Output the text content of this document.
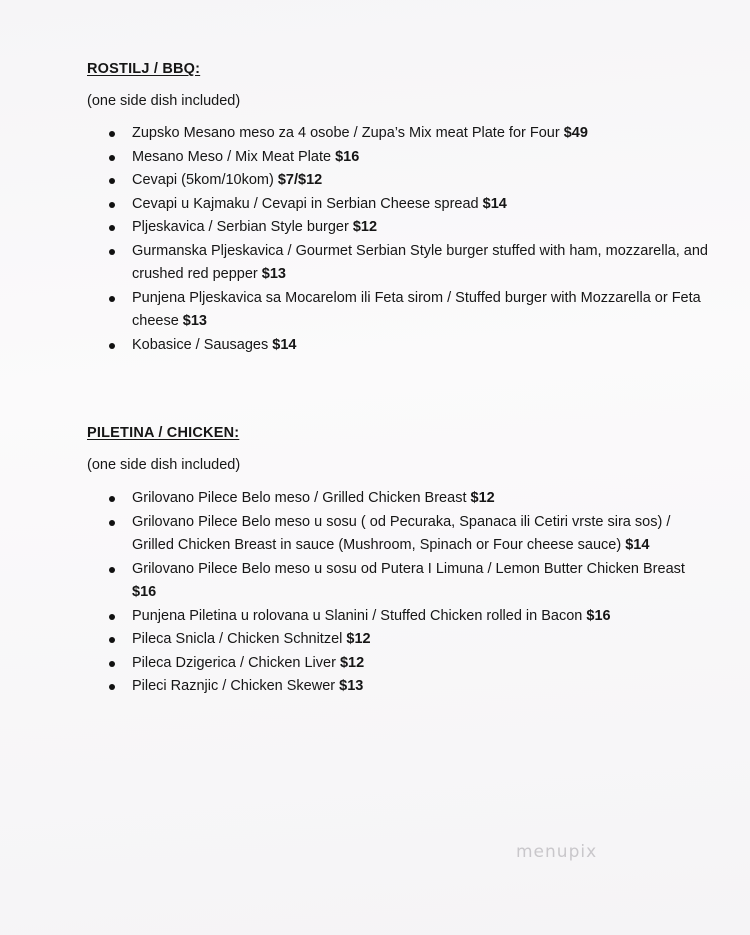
ROSTILJ / BBQ:
(one side dish included)
Zupsko Mesano meso za 4 osobe / Zupa’s Mix meat Plate for Four $49
Mesano Meso / Mix Meat Plate $16
Cevapi (5kom/10kom) $7/$12
Cevapi u Kajmaku / Cevapi in Serbian Cheese spread $14
Pljeskavica / Serbian Style burger $12
Gurmanska Pljeskavica / Gourmet Serbian Style burger stuffed with ham, mozzarella, and crushed red pepper $13
Punjena Pljeskavica sa Mocarelom ili Feta sirom / Stuffed burger with Mozzarella or Feta cheese $13
Kobasice / Sausages $14
PILETINA / CHICKEN:
(one side dish included)
Grilovano Pilece Belo meso / Grilled Chicken Breast $12
Grilovano Pilece Belo meso u sosu ( od Pecuraka, Spanaca ili Cetiri vrste sira sos) / Grilled Chicken Breast in sauce (Mushroom, Spinach or Four cheese sauce) $14
Grilovano Pilece Belo meso u sosu od Putera I Limuna / Lemon Butter Chicken Breast $16
Punjena Piletina u rolovana u Slanini / Stuffed Chicken rolled in Bacon $16
Pileca Snicla / Chicken Schnitzel $12
Pileca Dzigerica / Chicken Liver $12
Pileci Raznjic / Chicken Skewer $13
menupix
